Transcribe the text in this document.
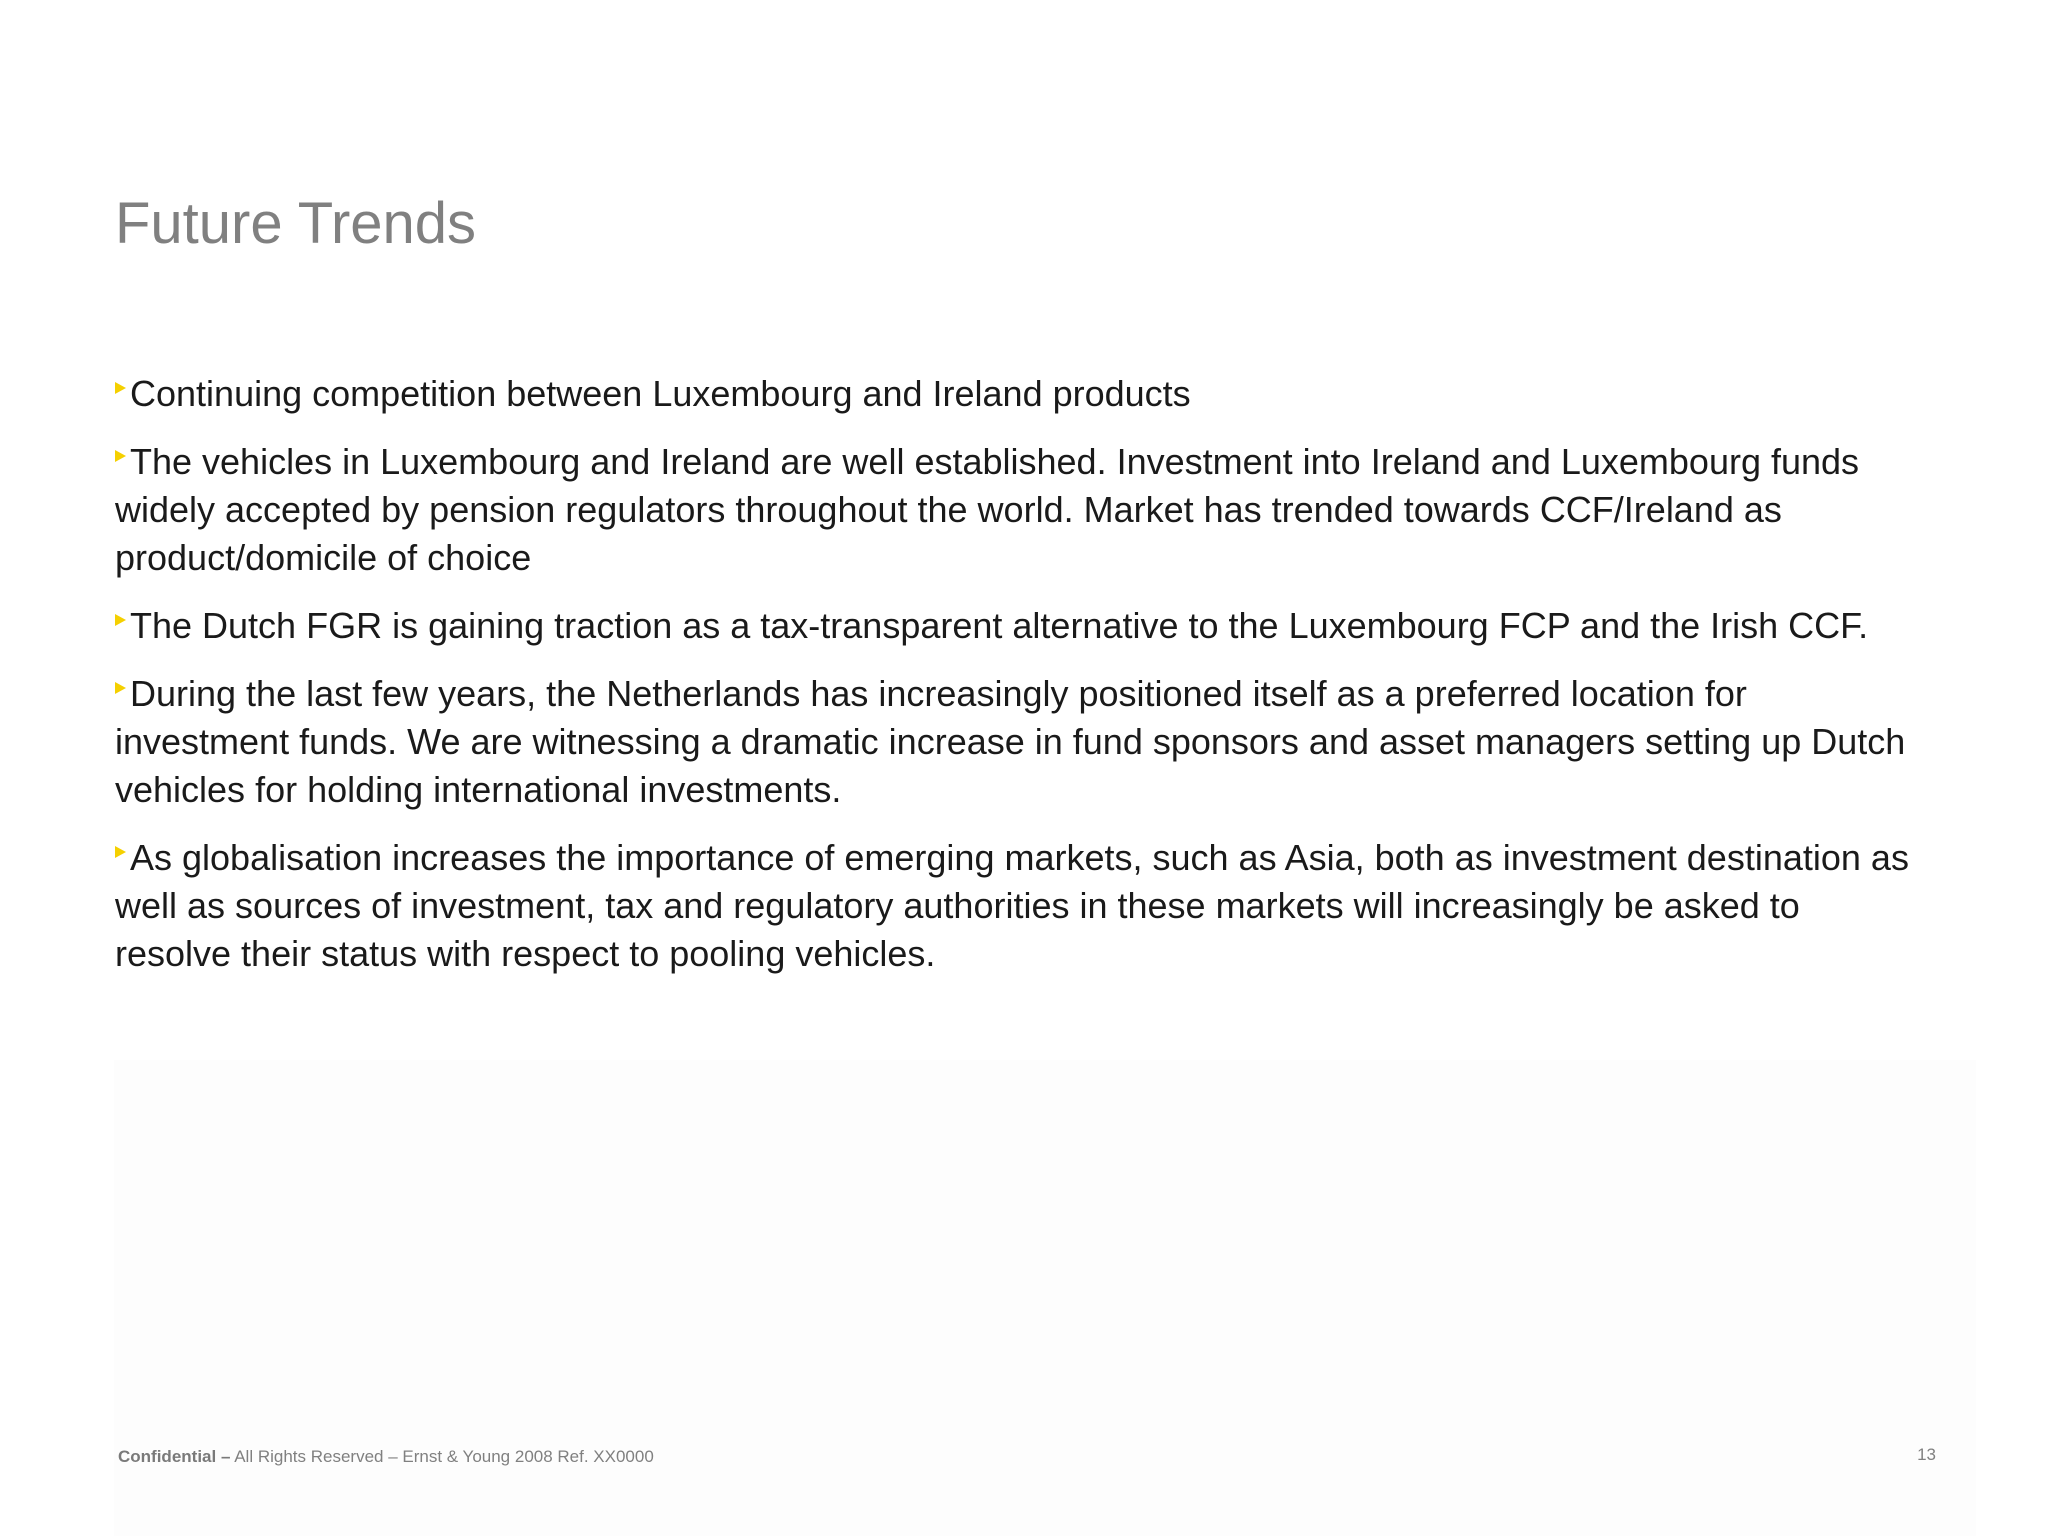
Future Trends
Continuing competition between Luxembourg and Ireland products
The vehicles in Luxembourg and Ireland are well established. Investment into Ireland and Luxembourg funds widely accepted by pension regulators throughout the world. Market has trended towards CCF/Ireland as product/domicile of choice
The Dutch FGR is gaining traction as a tax-transparent alternative to the Luxembourg FCP and the Irish CCF.
During the last few years, the Netherlands has increasingly positioned itself as a preferred location for investment funds. We are witnessing a dramatic increase in fund sponsors and asset managers setting up Dutch vehicles for holding international investments.
As globalisation increases the importance of emerging markets, such as Asia, both as investment destination as well as sources of investment, tax and regulatory authorities in these markets will increasingly be asked to resolve their status with respect to pooling vehicles.
Confidential – All Rights Reserved – Ernst & Young 2008 Ref. XX0000	13
